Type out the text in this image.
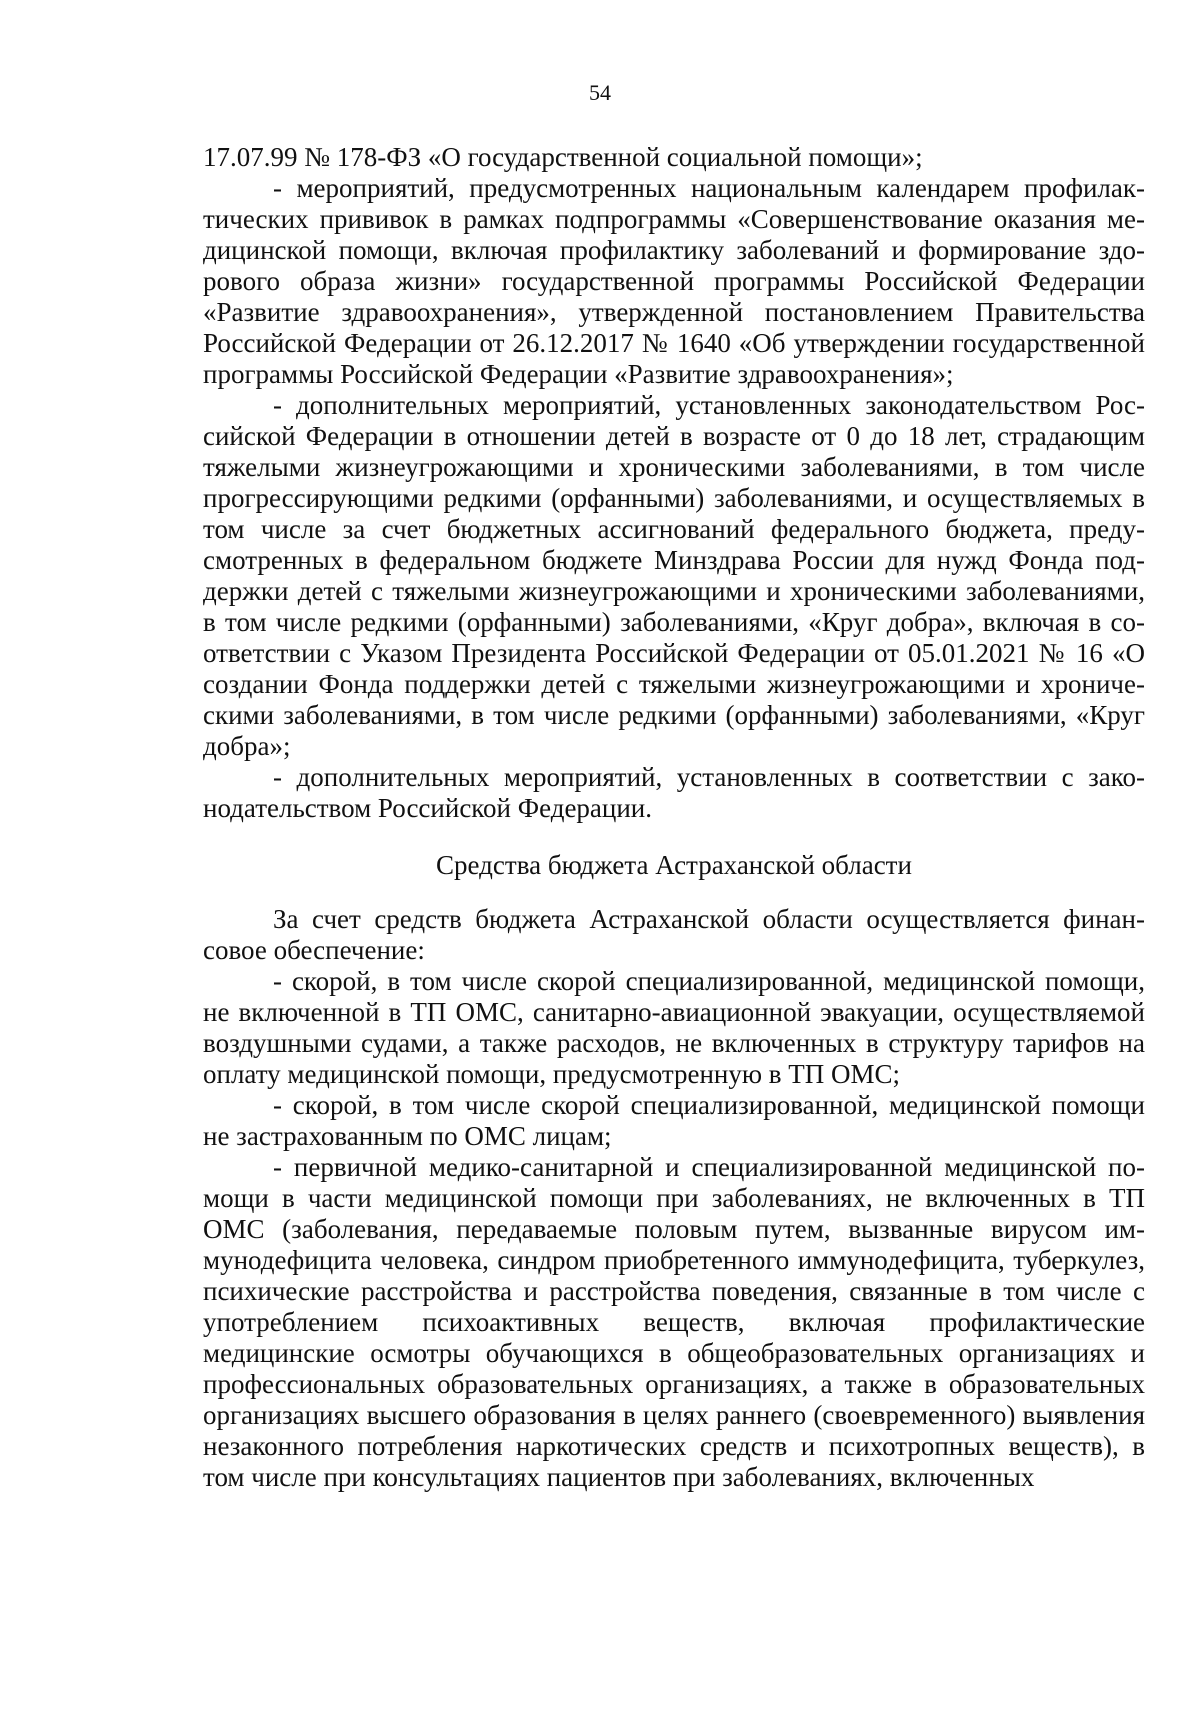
54

17.07.99 № 178-ФЗ «О государственной социальной помощи»;

- мероприятий, предусмотренных национальным календарем профилактических прививок в рамках подпрограммы «Совершенствование оказания медицинской помощи, включая профилактику заболеваний и формирование здорового образа жизни» государственной программы Российской Федерации «Развитие здравоохранения», утвержденной постановлением Правительства Российской Федерации от 26.12.2017 № 1640 «Об утверждении государственной программы Российской Федерации «Развитие здравоохранения»;

- дополнительных мероприятий, установленных законодательством Российской Федерации в отношении детей в возрасте от 0 до 18 лет, страдающим тяжелыми жизнеугрожающими и хроническими заболеваниями, в том числе прогрессирующими редкими (орфанными) заболеваниями, и осуществляемых в том числе за счет бюджетных ассигнований федерального бюджета, предусмотренных в федеральном бюджете Минздрава России для нужд Фонда поддержки детей с тяжелыми жизнеугрожающими и хроническими заболеваниями, в том числе редкими (орфанными) заболеваниями, «Круг добра», включая в соответствии с Указом Президента Российской Федерации от 05.01.2021 № 16 «О создании Фонда поддержки детей с тяжелыми жизнеугрожающими и хроническими заболеваниями, в том числе редкими (орфанными) заболеваниями, «Круг добра»;

- дополнительных мероприятий, установленных в соответствии с законодательством Российской Федерации.

Средства бюджета Астраханской области

За счет средств бюджета Астраханской области осуществляется финансовое обеспечение:

- скорой, в том числе скорой специализированной, медицинской помощи, не включенной в ТП ОМС, санитарно-авиационной эвакуации, осуществляемой воздушными судами, а также расходов, не включенных в структуру тарифов на оплату медицинской помощи, предусмотренную в ТП ОМС;

- скорой, в том числе скорой специализированной, медицинской помощи не застрахованным по ОМС лицам;

- первичной медико-санитарной и специализированной медицинской помощи в части медицинской помощи при заболеваниях, не включенных в ТП ОМС (заболевания, передаваемые половым путем, вызванные вирусом иммунодефицита человека, синдром приобретенного иммунодефицита, туберкулез, психические расстройства и расстройства поведения, связанные в том числе с употреблением психоактивных веществ, включая профилактические медицинские осмотры обучающихся в общеобразовательных организациях и профессиональных образовательных организациях, а также в образовательных организациях высшего образования в целях раннего (своевременного) выявления незаконного потребления наркотических средств и психотропных веществ), в том числе при консультациях пациентов при заболеваниях, включенных
